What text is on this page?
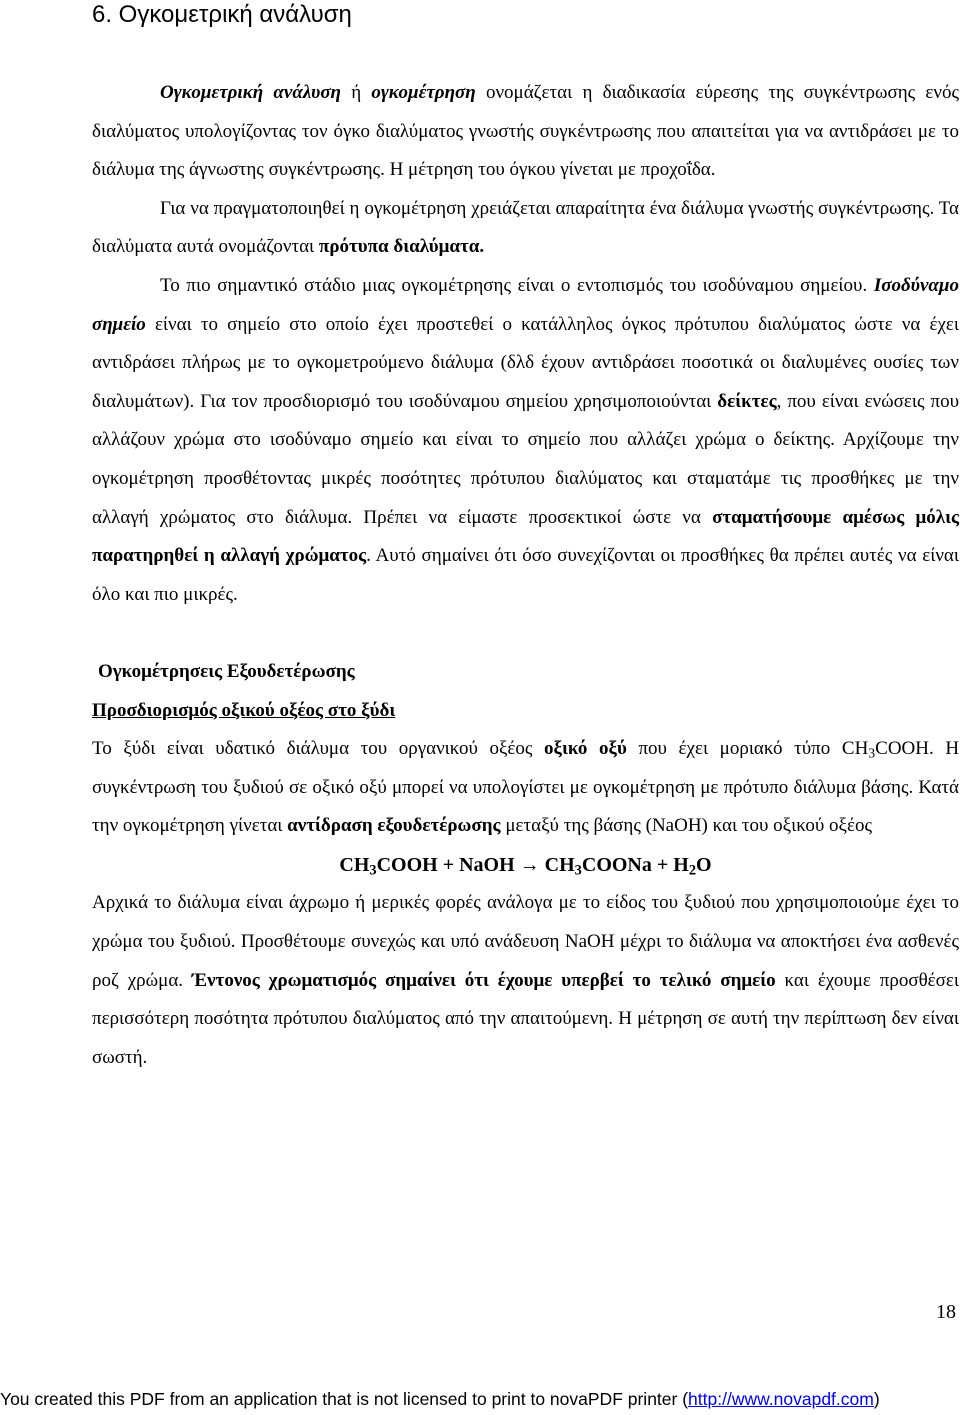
6. Ογκομετρική ανάλυση

Ογκομετρική ανάλυση ή ογκομέτρηση ονομάζεται η διαδικασία εύρεσης της συγκέντρωσης ενός διαλύματος υπολογίζοντας τον όγκο διαλύματος γνωστής συγκέντρωσης που απαιτείται για να αντιδράσει με το διάλυμα της άγνωστης συγκέντρωσης. Η μέτρηση του όγκου γίνεται με προχοΐδα.

Για να πραγματοποιηθεί η ογκομέτρηση χρειάζεται απαραίτητα ένα διάλυμα γνωστής συγκέντρωσης. Τα διαλύματα αυτά ονομάζονται πρότυπα διαλύματα.

Το πιο σημαντικό στάδιο μιας ογκομέτρησης είναι ο εντοπισμός του ισοδύναμου σημείου. Ισοδύναμο σημείο είναι το σημείο στο οποίο έχει προστεθεί ο κατάλληλος όγκος πρότυπου διαλύματος ώστε να έχει αντιδράσει πλήρως με το ογκομετρούμενο διάλυμα (δλδ έχουν αντιδράσει ποσοτικά οι διαλυμένες ουσίες των διαλυμάτων). Για τον προσδιορισμό του ισοδύναμου σημείου χρησιμοποιούνται δείκτες, που είναι ενώσεις που αλλάζουν χρώμα στο ισοδύναμο σημείο και είναι το σημείο που αλλάζει χρώμα ο δείκτης. Αρχίζουμε την ογκομέτρηση προσθέτοντας μικρές ποσότητες πρότυπου διαλύματος και σταματάμε τις προσθήκες με την αλλαγή χρώματος στο διάλυμα. Πρέπει να είμαστε προσεκτικοί ώστε να σταματήσουμε αμέσως μόλις παρατηρηθεί η αλλαγή χρώματος. Αυτό σημαίνει ότι όσο συνεχίζονται οι προσθήκες θα πρέπει αυτές να είναι όλο και πιο μικρές.

Ογκομέτρησεις Εξουδετέρωσης

Προσδιορισμός οξικού οξέος στο ξύδι

Το ξύδι είναι υδατικό διάλυμα του οργανικού οξέος οξικό οξύ που έχει μοριακό τύπο $CH_3COOH$. Η συγκέντρωση του ξυδιού σε οξικό οξύ μπορεί να υπολογίστει με ογκομέτρηση με πρότυπο διάλυμα βάσης. Κατά την ογκομέτρηση γίνεται αντίδραση εξουδετέρωσης μεταξύ της βάσης (NaOH) και του οξικού οξέος

$CH_3COOH$ + NaOH → $CH_3COONa + H_2O$

Αρχικά το διάλυμα είναι άχρωμο ή μερικές φορές ανάλογα με το είδος του ξυδιού που χρησιμοποιούμε έχει το χρώμα του ξυδιού. Προσθέτουμε συνεχώς και υπό ανάδευση NaOH μέχρι το διάλυμα να αποκτήσει ένα ασθενές ροζ χρώμα. Έντονος χρωματισμός σημαίνει ότι έχουμε υπερβεί το τελικό σημείο και έχουμε προσθέσει περισσότερη ποσότητα πρότυπου διαλύματος από την απαιτούμενη. Η μέτρηση σε αυτή την περίπτωση δεν είναι σωστή.

18
You created this PDF from an application that is not licensed to print to novaPDF printer (http://www.novapdf.com)
